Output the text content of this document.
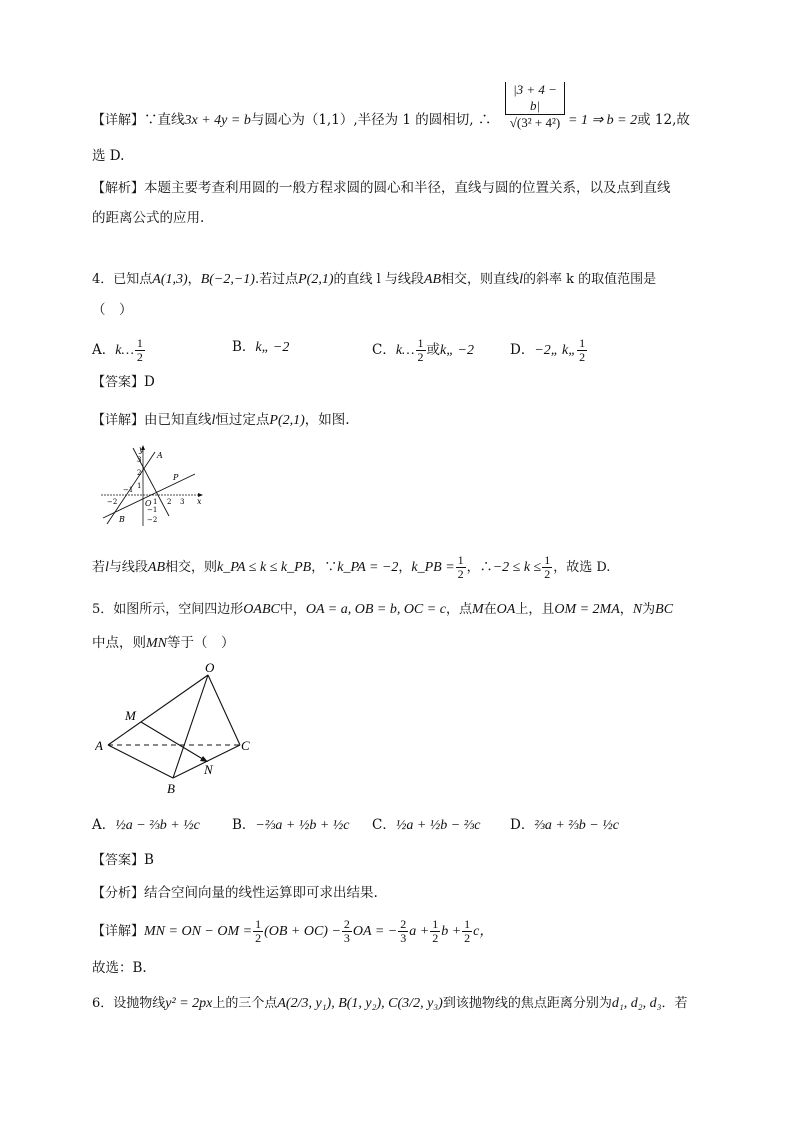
【详解】∵直线3x + 4y = b与圆心为（1,1）,半径为 1 的圆相切, ∴
|3 + 4 − b|
√(3² + 4²) = 1 ⇒ b = 2或 12,故
选 D.
【解析】本题主要考查利用圆的一般方程求圆的圆心和半径，直线与圆的位置关系，以及点到直线
的距离公式的应用.
4．已知点A(1,3)，B(−2,−1).若过点P(2,1)的直线 l 与线段AB相交，则直线l的斜率 k 的取值范围是
（　）
A．k… $\frac{1}{2}$	B．k„ −2	C．k… $\frac{1}{2}$ 或k„ −2	D．−2„ k„ $\frac{1}{2}$
【答案】D
【详解】由已知直线l恒过定点P(2,1)，如图.
y
A
P
B
O	x
3
2
1
−1
−2
1 2 3
−1
−2
若l与线段AB相交，则k_PA ≤ k ≤ k_PB，∵k_PA = −2，k_PB = $\frac{1}{2}$ ，∴−2 ≤ $k \le \frac{1}{2}$ ，故选 D.
5．如图所示，空间四边形OABC中，OA = a, OB = b, OC = c，点M在OA上，且OM = 2MA，N为BC
中点，则MN等于（　）
O
M
A	C
N
B
A．½a − ⅔b + ½c B．−⅔a + ½b + ½c C．½a + ½b − ⅔c D．⅔a + ⅔b − ½c
【答案】B
【分析】结合空间向量的线性运算即可求出结果.
【详解】MN = ON − OM = $\frac{1}{2} (OB + OC) - \frac{2}{3}$ OA = − $\frac{2}{3}$ $a + \frac{1}{2}$ $b + \frac{1}{2}$ c，
故选：B.
6．设抛物线y² = 2px上的三个点A(2/3, y₁), B(1, y₂), C(3/2, y₃)到该抛物线的焦点距离分别为d₁, d₂, d₃．若
